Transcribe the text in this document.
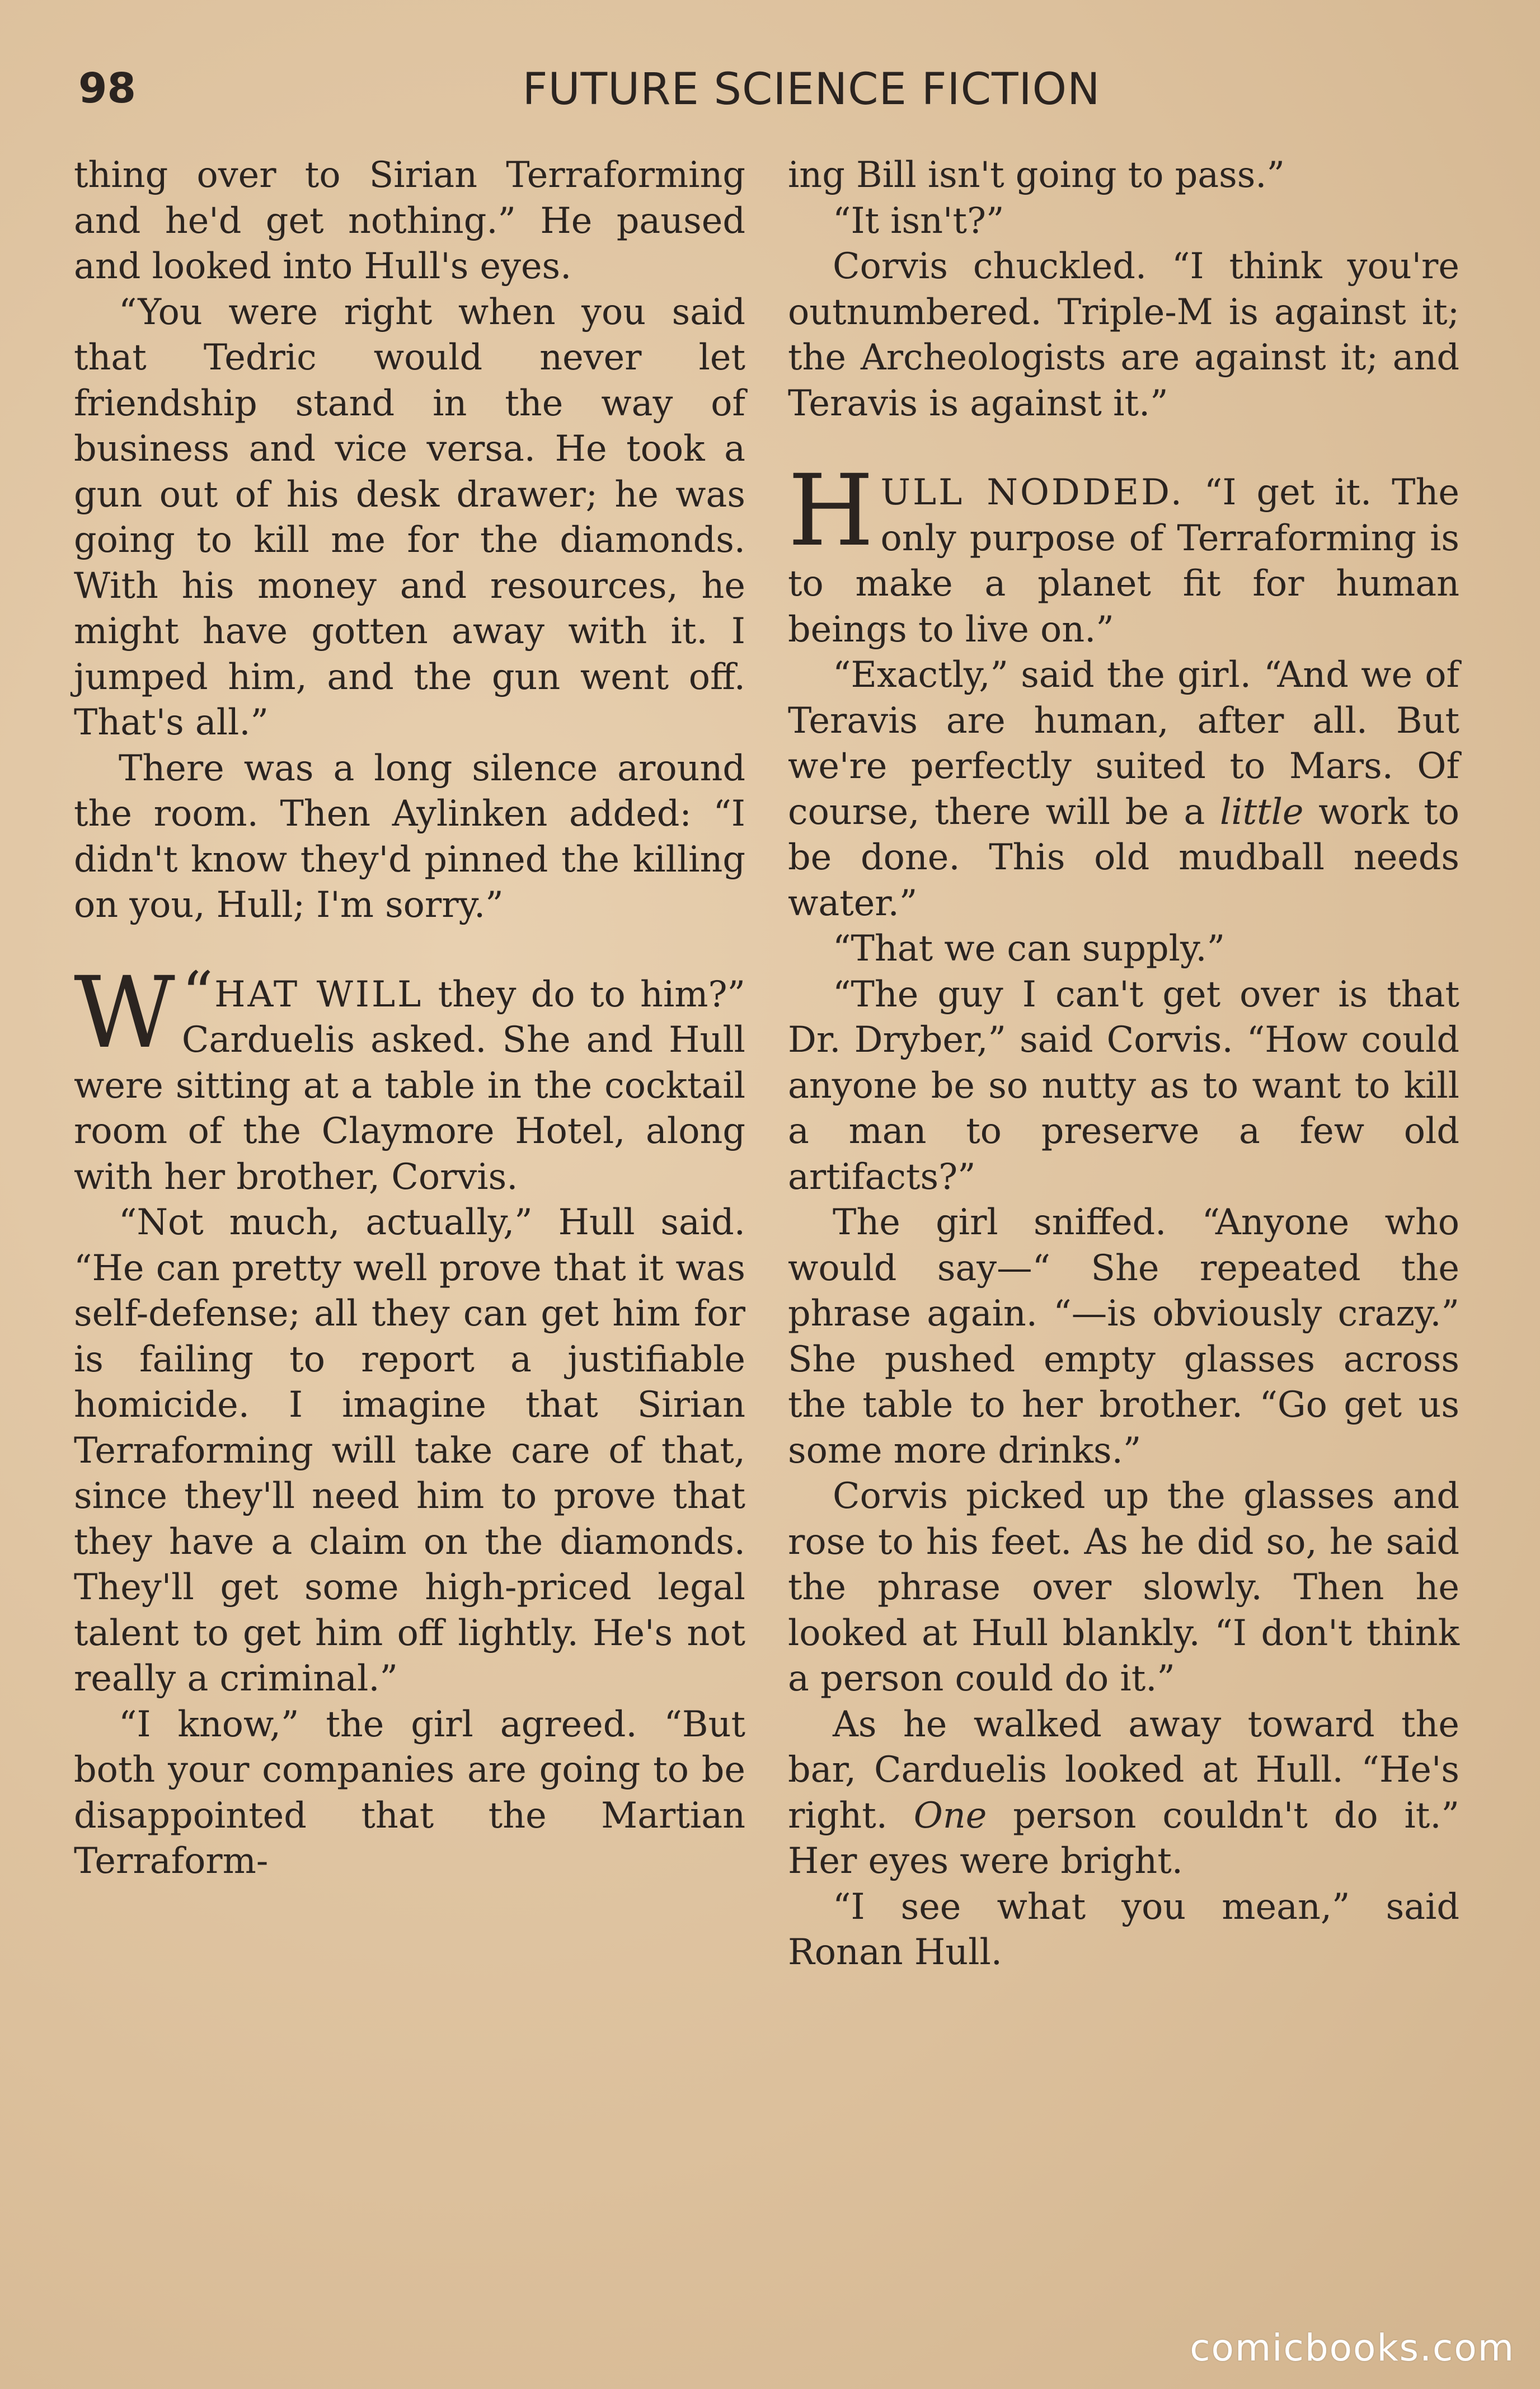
98	FUTURE SCIENCE FICTION

thing over to Sirian Terraforming and he'd get nothing.” He paused and looked into Hull's eyes.

“You were right when you said that Tedric would never let friendship stand in the way of business and vice versa. He took a gun out of his desk drawer; he was going to kill me for the diamonds. With his money and resources, he might have gotten away with it. I jumped him, and the gun went off. That's all.”

There was a long silence around the room. Then Aylinken added: “I didn't know they'd pinned the killing on you, Hull; I'm sorry.”

“
W HAT WILL they do to him?” Carduelis asked. She and Hull were sitting at a table in the cocktail room of the Claymore Hotel, along with her brother, Corvis.

“Not much, actually,” Hull said. “He can pretty well prove that it was self-defense; all they can get him for is failing to report a justifiable homicide. I imagine that Sirian Terraforming will take care of that, since they'll need him to prove that they have a claim on the diamonds. They'll get some high-priced legal talent to get him off lightly. He's not really a criminal.”

“I know,” the girl agreed. “But both your companies are going to be disappointed that the Martian Terraform-

ing Bill isn't going to pass.”

“It isn't?”

Corvis chuckled. “I think you're outnumbered. Triple-M is against it; the Archeologists are against it; and Teravis is against it.”

HULL NODDED. “I get it. The only purpose of Terraforming is to make a planet fit for human beings to live on.”

“Exactly,” said the girl. “And we of Teravis are human, after all. But we're perfectly suited to Mars. Of course, there will be a little work to be done. This old mudball needs water.”

“That we can supply.”

“The guy I can't get over is that Dr. Dryber,” said Corvis. “How could anyone be so nutty as to want to kill a man to preserve a few old artifacts?”

The girl sniffed. “Anyone who would say—“ She repeated the phrase again. “—is obviously crazy.” She pushed empty glasses across the table to her brother. “Go get us some more drinks.”

Corvis picked up the glasses and rose to his feet. As he did so, he said the phrase over slowly. Then he looked at Hull blankly. “I don't think a person could do it.”

As he walked away toward the bar, Carduelis looked at Hull. “He's right. One person couldn't do it.” Her eyes were bright.

“I see what you mean,” said Ronan Hull.

comicbooks.com
